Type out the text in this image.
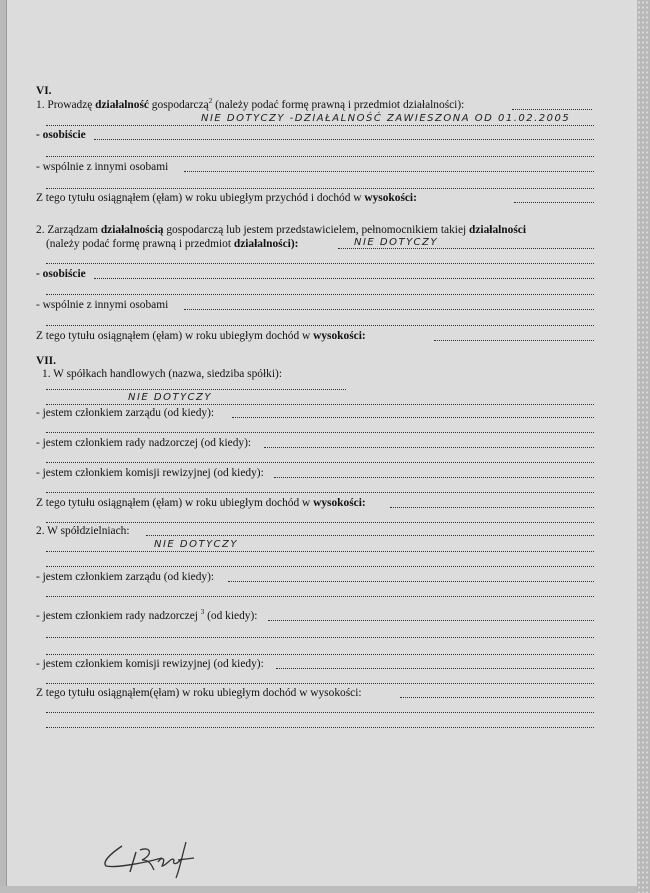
VI.
1. Prowadzę działalność gospodarczą$^2$ (należy podać formę prawną i przedmiot działalności):
NIE DOTYCZY -DZIAŁALNOŚĆ ZAWIESZONA OD 01.02.2005
- osobiście
- wspólnie z innymi osobami
Z tego tytułu osiągnąłem (ęłam) w roku ubiegłym przychód i dochód w wysokości:
2. Zarządzam działalnością gospodarczą lub jestem przedstawicielem, pełnomocnikiem takiej działalności
(należy podać formę prawną i przedmiot działalności):	NIE DOTYCZY
- osobiście
- wspólnie z innymi osobami
Z tego tytułu osiągnąłem (ęłam) w roku ubiegłym dochód w wysokości:
VII.
1. W spółkach handlowych (nazwa, siedziba spółki):
NIE DOTYCZY
- jestem członkiem zarządu (od kiedy):
- jestem członkiem rady nadzorczej (od kiedy):
- jestem członkiem komisji rewizyjnej (od kiedy):
Z tego tytułu osiągnąłem (ęłam) w roku ubiegłym dochód w wysokości:
2. W spółdzielniach:
NIE DOTYCZY
- jestem członkiem zarządu (od kiedy):
- jestem członkiem rady nadzorczej $^3$ (od kiedy):
- jestem członkiem komisji rewizyjnej (od kiedy):
Z tego tytułu osiągnąłem(ęłam) w roku ubiegłym dochód w wysokości:
